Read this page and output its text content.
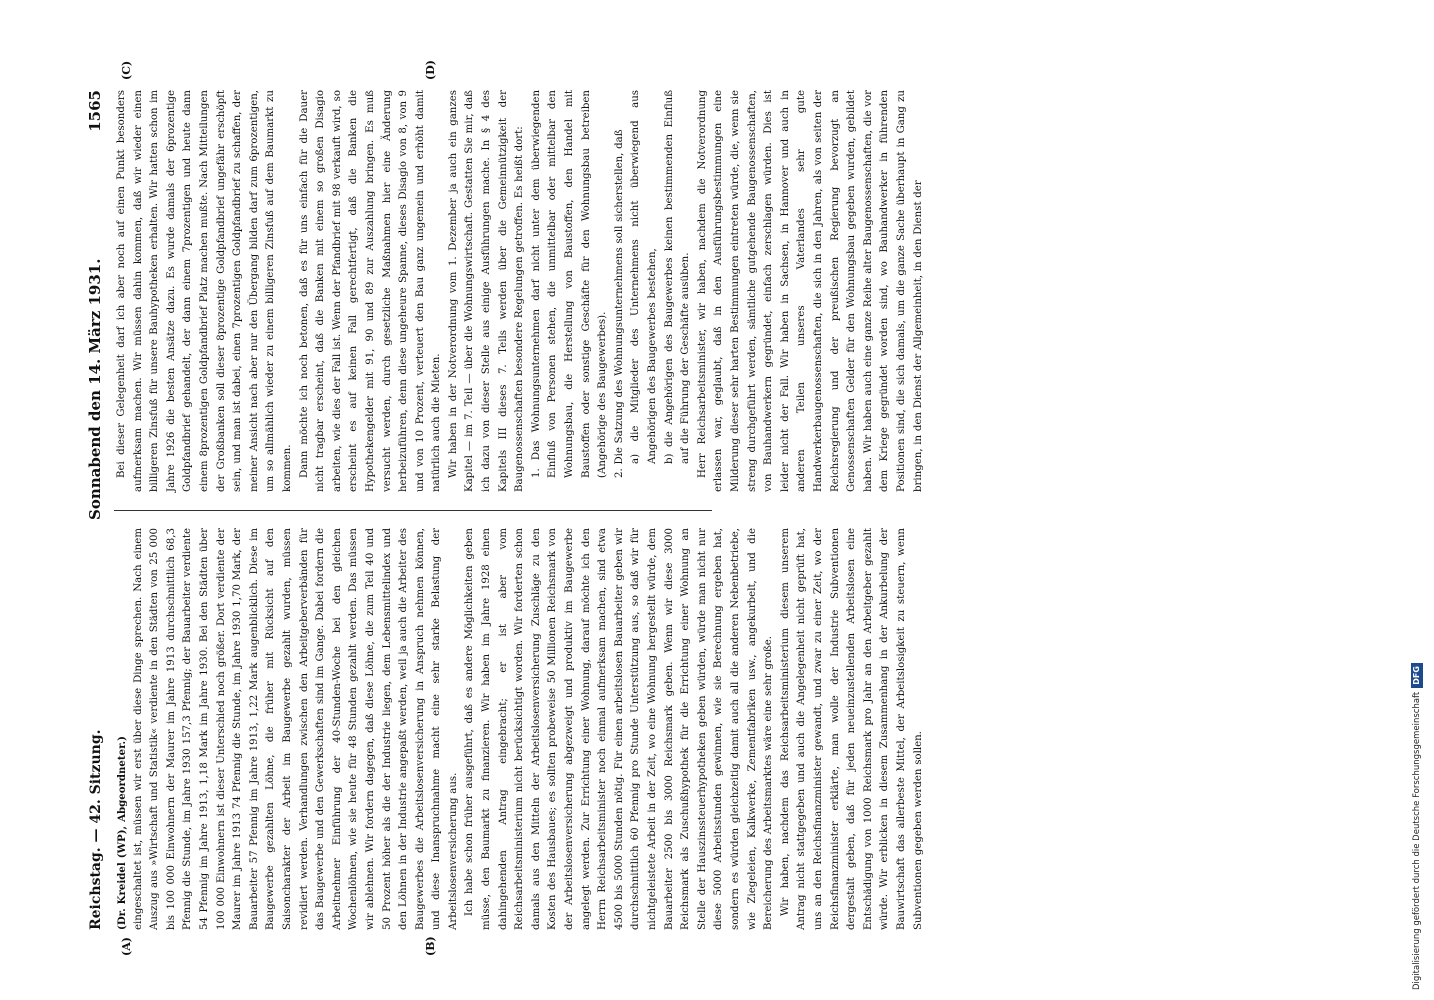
Reichstag. — 42. Sitzung.
Sonnabend den 14. März 1931.
1565

(Dr. Kreidel (WP), Abgeordneter.) eingeschaltet ist, müssen wir erst über diese Dinge sprechen. Nach einem Auszug aus »Wirtschaft und Statistik« verdiente in den Städten von 25 000 bis 100 000 Einwohnern der Maurer im Jahre 1913 durchschnittlich 68,3 Pfennig die Stunde, im Jahre 1930 157,3 Pfennig; der Bauarbeiter verdiente 54 Pfennig im Jahre 1913, 1,18 Mark im Jahre 1930. Bei den Städten über 100 000 Einwohnern ist dieser Unterschied noch größer. Dort verdiente der Maurer im Jahre 1913 74 Pfennig die Stunde, im Jahre 1930 1,70 Mark, der Bauarbeiter 57 Pfennig im Jahre 1913, 1,22 Mark augenblicklich. Diese im Baugewerbe gezahlten Löhne, die früher mit Rücksicht auf den Saisoncharakter der Arbeit im Baugewerbe gezahlt wurden, müssen revidiert werden. Verhandlungen zwischen den Arbeitgeberverbänden für das Baugewerbe und den Gewerkschaften sind im Gange. Dabei fordern die Arbeitnehmer Einführung der 40-Stunden-Woche bei den gleichen Wochenlöhnen, wie sie heute für 48 Stunden gezahlt werden. Das müssen wir ablehnen. Wir fordern dagegen, daß diese Löhne, die zum Teil 40 und 50 Prozent höher als die der Industrie liegen, dem Lebensmittelindex und den Löhnen in der Industrie angepaßt werden, weil ja auch die Arbeiter des Baugewerbes die Arbeitslosenversicherung in Anspruch nehmen können, und diese Inanspruchnahme macht eine sehr starke Belastung der Arbeitslosenversicherung aus. Ich habe schon früher ausgeführt, daß es andere Möglichkeiten geben müsse, den Baumarkt zu finanzieren. Wir haben im Jahre 1928 einen dahingehenden Antrag eingebracht; er ist aber vom Reichsarbeitsministerium nicht berücksichtigt worden. Wir forderten schon damals aus den Mitteln der Arbeitslosenversicherung Zuschläge zu den Kosten des Hausbaues; es sollten probeweise 50 Millionen Reichsmark von der Arbeitslosenversicherung abgezweigt und produktiv im Baugewerbe angelegt werden. Zur Errichtung einer Wohnung, darauf möchte ich den Herrn Reichsarbeitsminister noch einmal aufmerksam machen, sind etwa 4500 bis 5000 Stunden nötig. Für einen arbeitslosen Bauarbeiter geben wir durchschnittlich 60 Pfennig pro Stunde Unterstützung aus, so daß wir für nichtgeleistete Arbeit in der Zeit, wo eine Wohnung hergestellt würde, dem Bauarbeiter 2500 bis 3000 Reichsmark geben. Wenn wir diese 3000 Reichsmark als Zuschußhypothek für die Errichtung einer Wohnung an Stelle der Hauszinssteuerhypotheken geben würden, würde man nicht nur diese 5000 Arbeitsstunden gewinnen, wie sie Berechnung ergeben hat, sondern es würden gleichzeitig damit auch all die anderen Nebenbetriebe, wie Ziegeleien, Kalkwerke, Zementfabriken usw., angekurbelt, und die Bereicherung des Arbeitsmarktes wäre eine sehr große. Wir haben, nachdem das Reichsarbeitsministerium diesem unserem Antrag nicht stattgegeben und auch die Angelegenheit nicht geprüft hat, uns an den Reichsfinanzminister gewandt, und zwar zu einer Zeit, wo der Reichsfinanzminister erklärte, man wolle der Industrie Subventionen dergestalt geben, daß für jeden neueinzustellenden Arbeitslosen eine Entschädigung von 1000 Reichsmark pro Jahr an den Arbeitgeber gezahlt würde. Wir erblicken in diesem Zusammenhang in der Ankurbelung der Bauwirtschaft das allerbeste Mittel, der Arbeitslosigkeit zu steuern, wenn Subventionen gegeben werden sollen.

Bei dieser Gelegenheit darf ich aber noch auf einen Punkt besonders aufmerksam machen. Wir müssen dahin kommen, daß wir wieder einen billigeren Zinsfuß für unsere Bauhypotheken erhalten. Wir hatten schon im Jahre 1926 die besten Ansätze dazu. Es wurde damals der 6prozentige Goldpfandbrief gehandelt, der dann einem 7prozentigen und heute dann einem 8prozentigen Goldpfandbrief Platz machen mußte. Nach Mitteilungen der Großbanken soll dieser 8prozentige Goldpfandbrief ungefähr erschöpft sein, und man ist dabei, einen 7prozentigen Goldpfandbrief zu schaffen, der meiner Ansicht nach aber nur den Übergang bilden darf zum 6prozentigen, um so allmählich wieder zu einem billigeren Zinsfuß auf dem Baumarkt zu kommen. Dann möchte ich noch betonen, daß es für uns einfach für die Dauer nicht tragbar erscheint, daß die Banken mit einem so großen Disagio arbeiten, wie dies der Fall ist. Wenn der Pfandbrief mit 98 verkauft wird, so erscheint es auf keinen Fall gerechtfertigt, daß die Banken die Hypothekengelder mit 91, 90 und 89 zur Auszahlung bringen. Es muß versucht werden, durch gesetzliche Maßnahmen hier eine Änderung herbeizuführen, denn diese ungeheure Spanne, dieses Disagio von 8, von 9 und von 10 Prozent, verteuert den Bau ganz ungemein und erhöht damit natürlich auch die Mieten. Wir haben in der Notverordnung vom 1. Dezember ja auch ein ganzes Kapitel — im 7. Teil — über die Wohnungswirtschaft. Gestatten Sie mir, daß ich dazu von dieser Stelle aus einige Ausführungen mache. In § 4 des Kapitels III dieses 7. Teils werden über die Gemeinnützigkeit der Baugenossenschaften besondere Regelungen getroffen. Es heißt dort: 1. Das Wohnungsunternehmen darf nicht unter dem überwiegenden Einfluß von Personen stehen, die unmittelbar oder mittelbar den Wohnungsbau, die Herstellung von Baustoffen, den Handel mit Baustoffen oder sonstige Geschäfte für den Wohnungsbau betreiben (Angehörige des Baugewerbes). 2. Die Satzung des Wohnungsunternehmens soll sicherstellen, daß a) die Mitglieder des Unternehmens nicht überwiegend aus Angehörigen des Baugewerbes bestehen, b) die Angehörigen des Baugewerbes keinen bestimmenden Einfluß auf die Führung der Geschäfte ausüben. Herr Reichsarbeitsminister, wir haben, nachdem die Notverordnung erlassen war, geglaubt, daß in den Ausführungsbestimmungen eine Milderung dieser sehr harten Bestimmungen eintreten würde, die, wenn sie streng durchgeführt werden, sämtliche gutgehende Baugenossenschaften, von Bauhandwerkern gegründet, einfach zerschlagen würden. Dies ist leider nicht der Fall. Wir haben in Sachsen, in Hannover und auch in anderen Teilen unseres Vaterlandes sehr gute Handwerkerbaugenossenschaften, die sich in den Jahren, als von seiten der Reichsregierung und der preußischen Regierung bevorzugt an Genossenschaften Gelder für den Wohnungsbau gegeben wurden, gebildet haben. Wir haben auch eine ganze Reihe alter Baugenossenschaften, die vor dem Kriege gegründet worden sind, wo Bauhandwerker in führenden Positionen sind, die sich damals, um die ganze Sache überhaupt in Gang zu bringen, in den Dienst der Allgemeinheit, in den Dienst der

(A)	(B)
(C)	(D)
Digitalisierung gefördert durch die Deutsche Forschungsgemeinschaft
DFG
